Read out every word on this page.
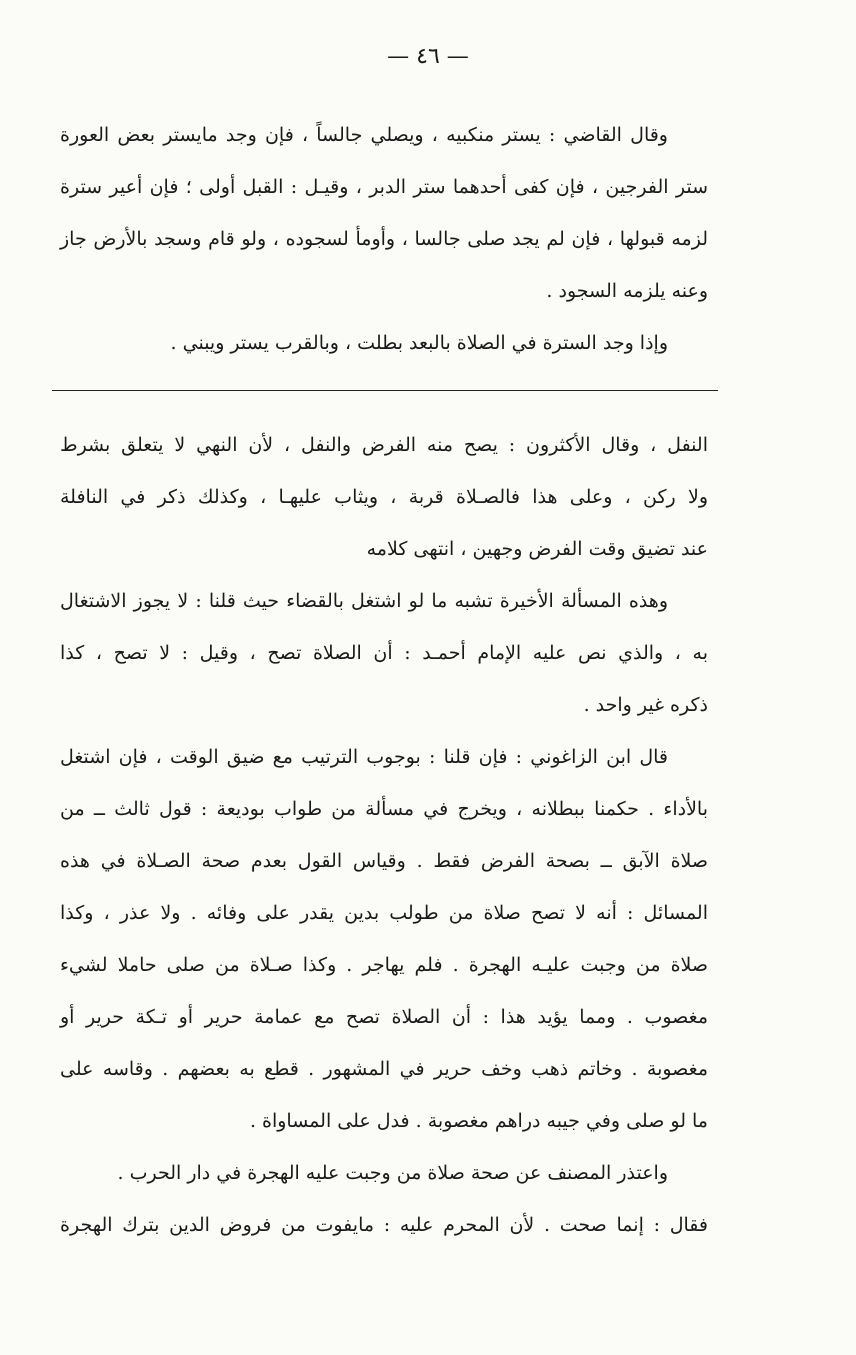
— ٤٦ —
وقال القاضي : يستر منكبيه ، ويصلي جالساً ، فإن وجد مايستر بعض العورة
ستر الفرجين ، فإن كفى أحدهما ستر الدبر ، وقيـل : القبل أولى ؛ فإن أعير سترة
لزمه قبولها ، فإن لم يجد صلى جالسا ، وأومأ لسجوده ، ولو قام وسجد بالأرض جاز
وعنه يلزمه السجود .
وإذا وجد السترة في الصلاة بالبعد بطلت ، وبالقرب يستر ويبني .
النفل ، وقال الأكثرون : يصح منه الفرض والنفل ، لأن النهي لا يتعلق بشرط
ولا ركن ، وعلى هذا فالصـلاة قربة ، ويثاب عليهـا ، وكذلك ذكر في النافلة
عند تضيق وقت الفرض وجهين ، انتهى كلامه
وهذه المسألة الأخيرة تشبه ما لو اشتغل بالقضاء حيث قلنا : لا يجوز الاشتغال
به ، والذي نص عليه الإمام أحمـد : أن الصلاة تصح ، وقيل : لا تصح ، كذا
ذكره غير واحد .
قال ابن الزاغوني : فإن قلنا : بوجوب الترتيب مع ضيق الوقت ، فإن اشتغل
بالأداء . حكمنا ببطلانه ، ويخرج في مسألة من طواب بوديعة : قول ثالث ــ من
صلاة الآبق ــ بصحة الفرض فقط . وقياس القول بعدم صحة الصـلاة في هذه
المسائل : أنه لا تصح صلاة من طولب بدين يقدر على وفائه . ولا عذر ، وكذا
صلاة من وجبت عليـه الهجرة . فلم يهاجر . وكذا صـلاة من صلى حاملا لشيء
مغصوب . ومما يؤيد هذا : أن الصلاة تصح مع عمامة حرير أو تـكة حرير أو
مغصوبة . وخاتم ذهب وخف حرير في المشهور . قطع به بعضهم . وقاسه على
ما لو صلى وفي جيبه دراهم مغصوبة . فدل على المساواة .
واعتذر المصنف عن صحة صلاة من وجبت عليه الهجرة في دار الحرب .
فقال : إنما صحت . لأن المحرم عليه : مايفوت من فروض الدين بترك الهجرة
